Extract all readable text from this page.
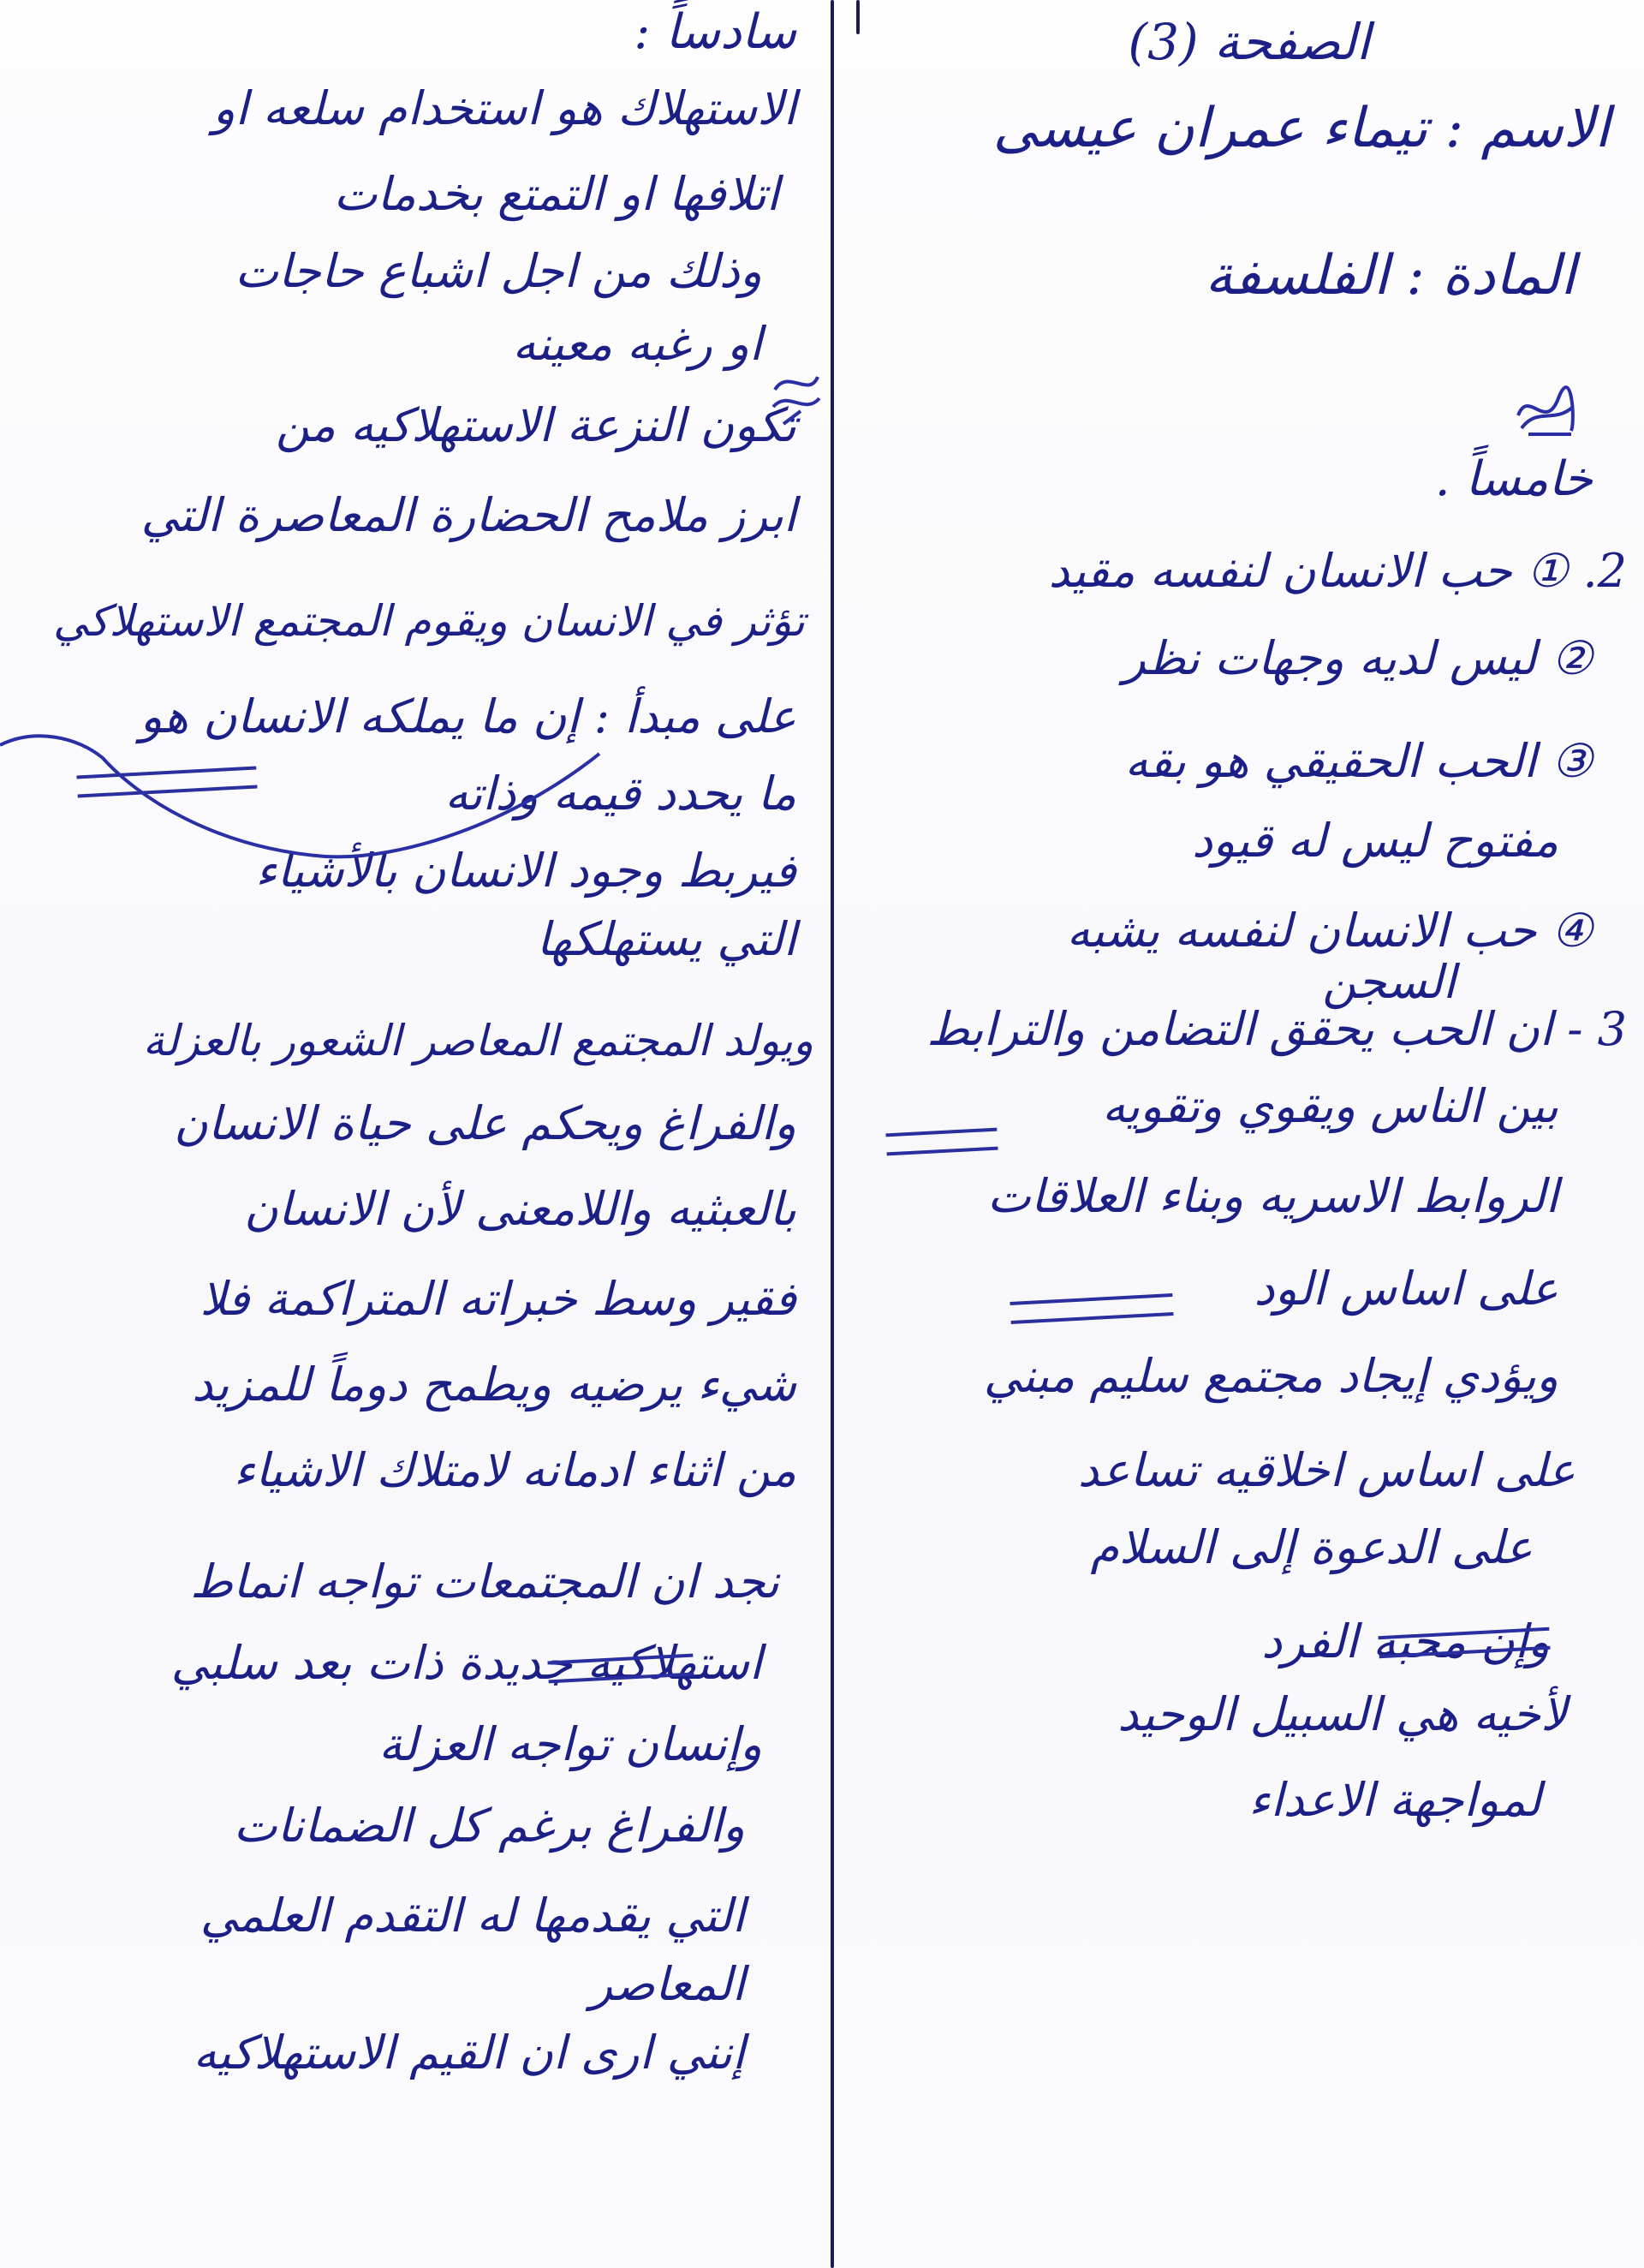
الصفحة (3)
الاسم : تيماء عمران عيسى
المادة : الفلسفة
خامساً .
2. ① حب الانسان لنفسه مقيد
② ليس لديه وجهات نظر
③ الحب الحقيقي هو بقه
مفتوح ليس له قيود
④ حب الانسان لنفسه يشبه
السجن
3 - ان الحب يحقق التضامن والترابط
بين الناس ويقوي وتقويه
الروابط الاسريه وبناء العلاقات
على اساس الود
ويؤدي إيجاد مجتمع سليم مبني
على اساس اخلاقيه تساعد
على الدعوة إلى السلام
وإن محبه الفرد
لأخيه هي السبيل الوحيد
لمواجهة الاعداء
سادساً :
الاستهلاك هو استخدام سلعه او
اتلافها او التمتع بخدمات
وذلك من اجل اشباع حاجات
او رغبه معينه
تكون النزعة الاستهلاكيه من
ابرز ملامح الحضارة المعاصرة التي
تؤثر في الانسان ويقوم المجتمع الاستهلاكي
على مبدأ : إن ما يملكه الانسان هو
ما يحدد قيمه وذاته
فيربط وجود الانسان بالأشياء
التي يستهلكها
ويولد المجتمع المعاصر الشعور بالعزلة
والفراغ ويحكم على حياة الانسان
بالعبثيه واللامعنى لأن الانسان
فقير وسط خبراته المتراكمة فلا
شيء يرضيه ويطمح دوماً للمزيد
من اثناء ادمانه لامتلاك الاشياء
نجد ان المجتمعات تواجه انماط
استهلاكيه جديدة ذات بعد سلبي
وإنسان تواجه العزلة
والفراغ برغم كل الضمانات
التي يقدمها له التقدم العلمي
المعاصر
إنني ارى ان القيم الاستهلاكيه
